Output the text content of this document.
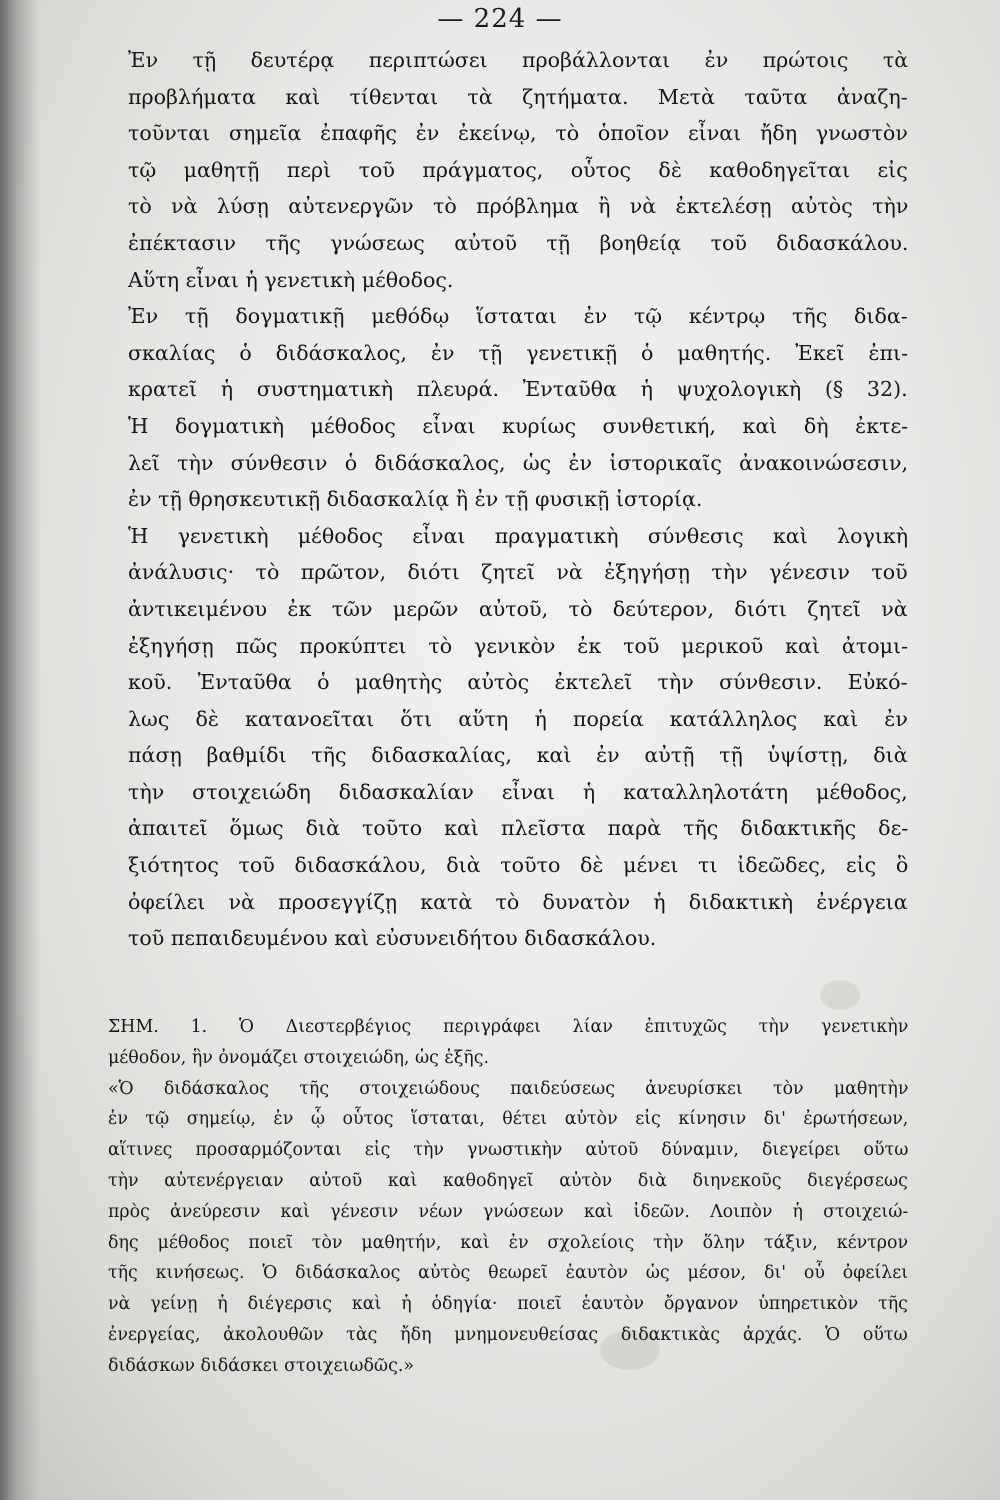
— 224 —
Ἐν τῇ δευτέρᾳ περιπτώσει προβάλλονται ἐν πρώτοις τὰ
προβλήματα καὶ τίθενται τὰ ζητήματα. Μετὰ ταῦτα ἀναζη-
τοῦνται σημεῖα ἐπαφῆς ἐν ἐκείνῳ, τὸ ὁποῖον εἶναι ἤδη γνωστὸν
τῷ μαθητῇ περὶ τοῦ πράγματος, οὗτος δὲ καθοδηγεῖται εἰς
τὸ νὰ λύσῃ αὐτενεργῶν τὸ πρόβλημα ἢ νὰ ἐκτελέσῃ αὐτὸς τὴν
ἐπέκτασιν τῆς γνώσεως αὐτοῦ τῇ βοηθείᾳ τοῦ διδασκάλου.
Αὕτη εἶναι ἡ γενετικὴ μέθοδος.
Ἐν τῇ δογματικῇ μεθόδῳ ἵσταται ἐν τῷ κέντρῳ τῆς διδα-
σκαλίας ὁ διδάσκαλος, ἐν τῇ γενετικῇ ὁ μαθητής. Ἐκεῖ ἐπι-
κρατεῖ ἡ συστηματικὴ πλευρά. Ἐνταῦθα ἡ ψυχολογικὴ (§ 32).
Ἡ δογματικὴ μέθοδος εἶναι κυρίως συνθετική, καὶ δὴ ἐκτε-
λεῖ τὴν σύνθεσιν ὁ διδάσκαλος, ὡς ἐν ἱστορικαῖς ἀνακοινώσεσιν,
ἐν τῇ θρησκευτικῇ διδασκαλίᾳ ἢ ἐν τῇ φυσικῇ ἱστορίᾳ.
Ἡ γενετικὴ μέθοδος εἶναι πραγματικὴ σύνθεσις καὶ λογικὴ
ἀνάλυσις· τὸ πρῶτον, διότι ζητεῖ νὰ ἐξηγήσῃ τὴν γένεσιν τοῦ
ἀντικειμένου ἐκ τῶν μερῶν αὐτοῦ, τὸ δεύτερον, διότι ζητεῖ νὰ
ἐξηγήσῃ πῶς προκύπτει τὸ γενικὸν ἐκ τοῦ μερικοῦ καὶ ἀτομι-
κοῦ. Ἐνταῦθα ὁ μαθητὴς αὐτὸς ἐκτελεῖ τὴν σύνθεσιν. Εὐκό-
λως δὲ κατανοεῖται ὅτι αὕτη ἡ πορεία κατάλληλος καὶ ἐν
πάσῃ βαθμίδι τῆς διδασκαλίας, καὶ ἐν αὐτῇ τῇ ὑψίστῃ, διὰ
τὴν στοιχειώδη διδασκαλίαν εἶναι ἡ καταλληλοτάτη μέθοδος,
ἀπαιτεῖ ὅμως διὰ τοῦτο καὶ πλεῖστα παρὰ τῆς διδακτικῆς δε-
ξιότητος τοῦ διδασκάλου, διὰ τοῦτο δὲ μένει τι ἰδεῶδες, εἰς ὃ
ὀφείλει νὰ προσεγγίζῃ κατὰ τὸ δυνατὸν ἡ διδακτικὴ ἐνέργεια
τοῦ πεπαιδευμένου καὶ εὐσυνειδήτου διδασκάλου.
ΣΗΜ. 1. Ὁ Διεστερβέγιος περιγράφει λίαν ἐπιτυχῶς τὴν γενετικὴν
μέθοδον, ἣν ὀνομάζει στοιχειώδη, ὡς ἑξῆς.
«Ὁ διδάσκαλος τῆς στοιχειώδους παιδεύσεως ἀνευρίσκει τὸν μαθητὴν
ἐν τῷ σημείῳ, ἐν ᾧ οὗτος ἵσταται, θέτει αὐτὸν εἰς κίνησιν δι' ἐρωτήσεων,
αἵτινες προσαρμόζονται εἰς τὴν γνωστικὴν αὐτοῦ δύναμιν, διεγείρει οὕτω
τὴν αὐτενέργειαν αὐτοῦ καὶ καθοδηγεῖ αὐτὸν διὰ διηνεκοῦς διεγέρσεως
πρὸς ἀνεύρεσιν καὶ γένεσιν νέων γνώσεων καὶ ἰδεῶν. Λοιπὸν ἡ στοιχειώ-
δης μέθοδος ποιεῖ τὸν μαθητήν, καὶ ἐν σχολείοις τὴν ὅλην τάξιν, κέντρον
τῆς κινήσεως. Ὁ διδάσκαλος αὐτὸς θεωρεῖ ἑαυτὸν ὡς μέσον, δι' οὗ ὀφείλει
νὰ γείνῃ ἡ διέγερσις καὶ ἡ ὁδηγία· ποιεῖ ἑαυτὸν ὄργανον ὑπηρετικὸν τῆς
ἐνεργείας, ἀκολουθῶν τὰς ἤδη μνημονευθείσας διδακτικὰς ἀρχάς. Ὁ οὕτω
διδάσκων διδάσκει στοιχειωδῶς.»
